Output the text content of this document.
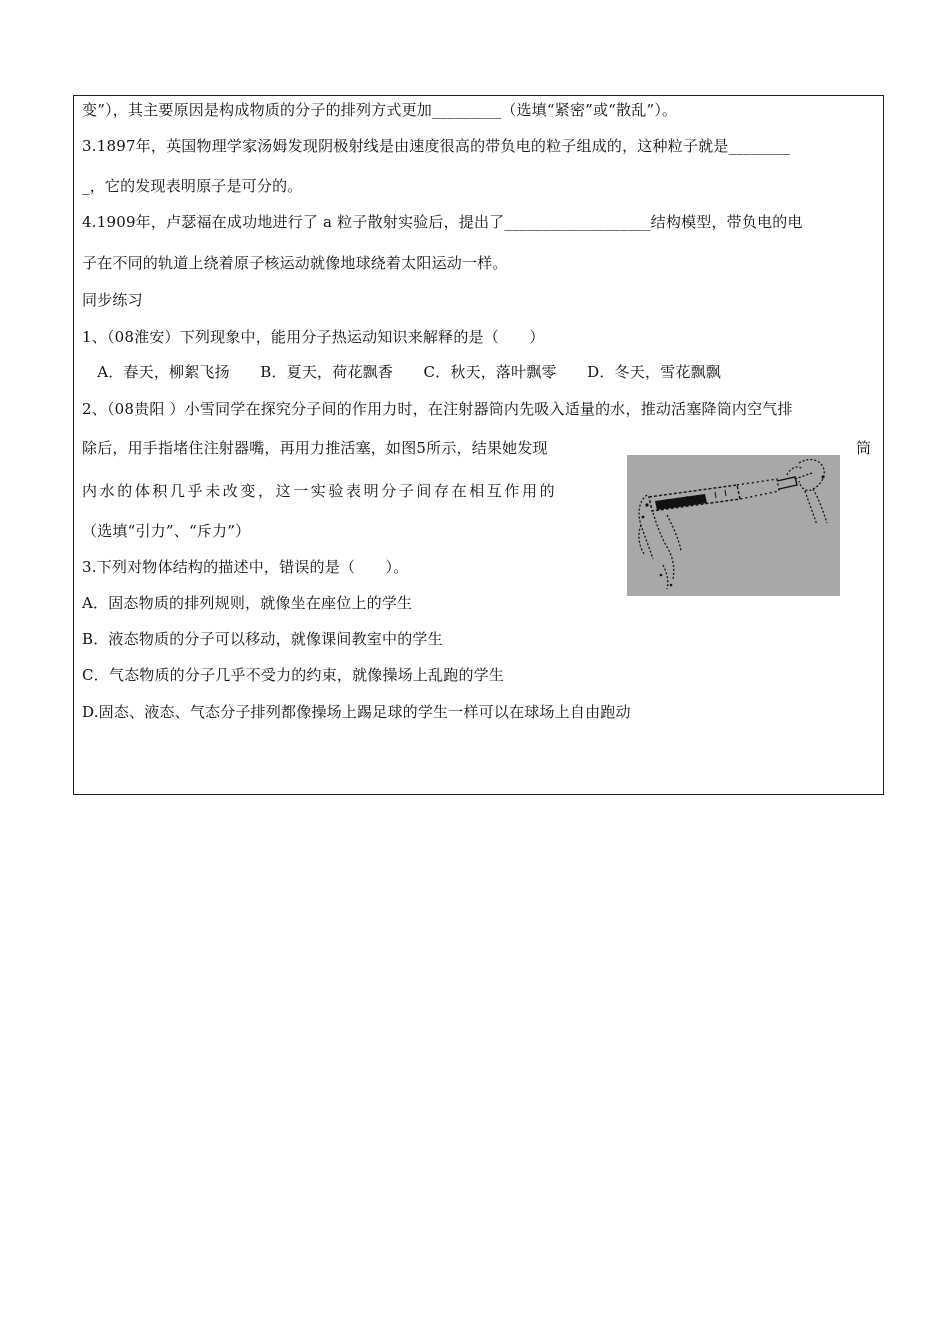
变”），其主要原因是构成物质的分子的排列方式更加_________（选填“紧密”或“散乱”）。
3.1897年，英国物理学家汤姆发现阴极射线是由速度很高的带负电的粒子组成的，这种粒子就是________
_，它的发现表明原子是可分的。
4.1909年，卢瑟福在成功地进行了 a 粒子散射实验后，提出了___________________结构模型，带负电的电
子在不同的轨道上绕着原子核运动就像地球绕着太阳运动一样。
同步练习
1、（08淮安）下列现象中，能用分子热运动知识来解释的是（　　）
　A．春天，柳絮飞扬　　B．夏天，荷花飘香　　C．秋天，落叶飘零　　D．冬天，雪花飘飘
2、（08贵阳 ）小雪同学在探究分子间的作用力时，在注射器筒内先吸入适量的水，推动活塞降筒内空气排
除后，用手指堵住注射器嘴，再用力推活塞，如图5所示，结果她发现	筒
内水的体积几乎未改变，这一实验表明分子间存在相互作用的
（选填“引力”、“斥力”）
3.下列对物体结构的描述中，错误的是（　　）。
A．固态物质的排列规则，就像坐在座位上的学生
B．液态物质的分子可以移动，就像课间教室中的学生
C．气态物质的分子几乎不受力的约束，就像操场上乱跑的学生
D.固态、液态、气态分子排列都像操场上踢足球的学生一样可以在球场上自由跑动
